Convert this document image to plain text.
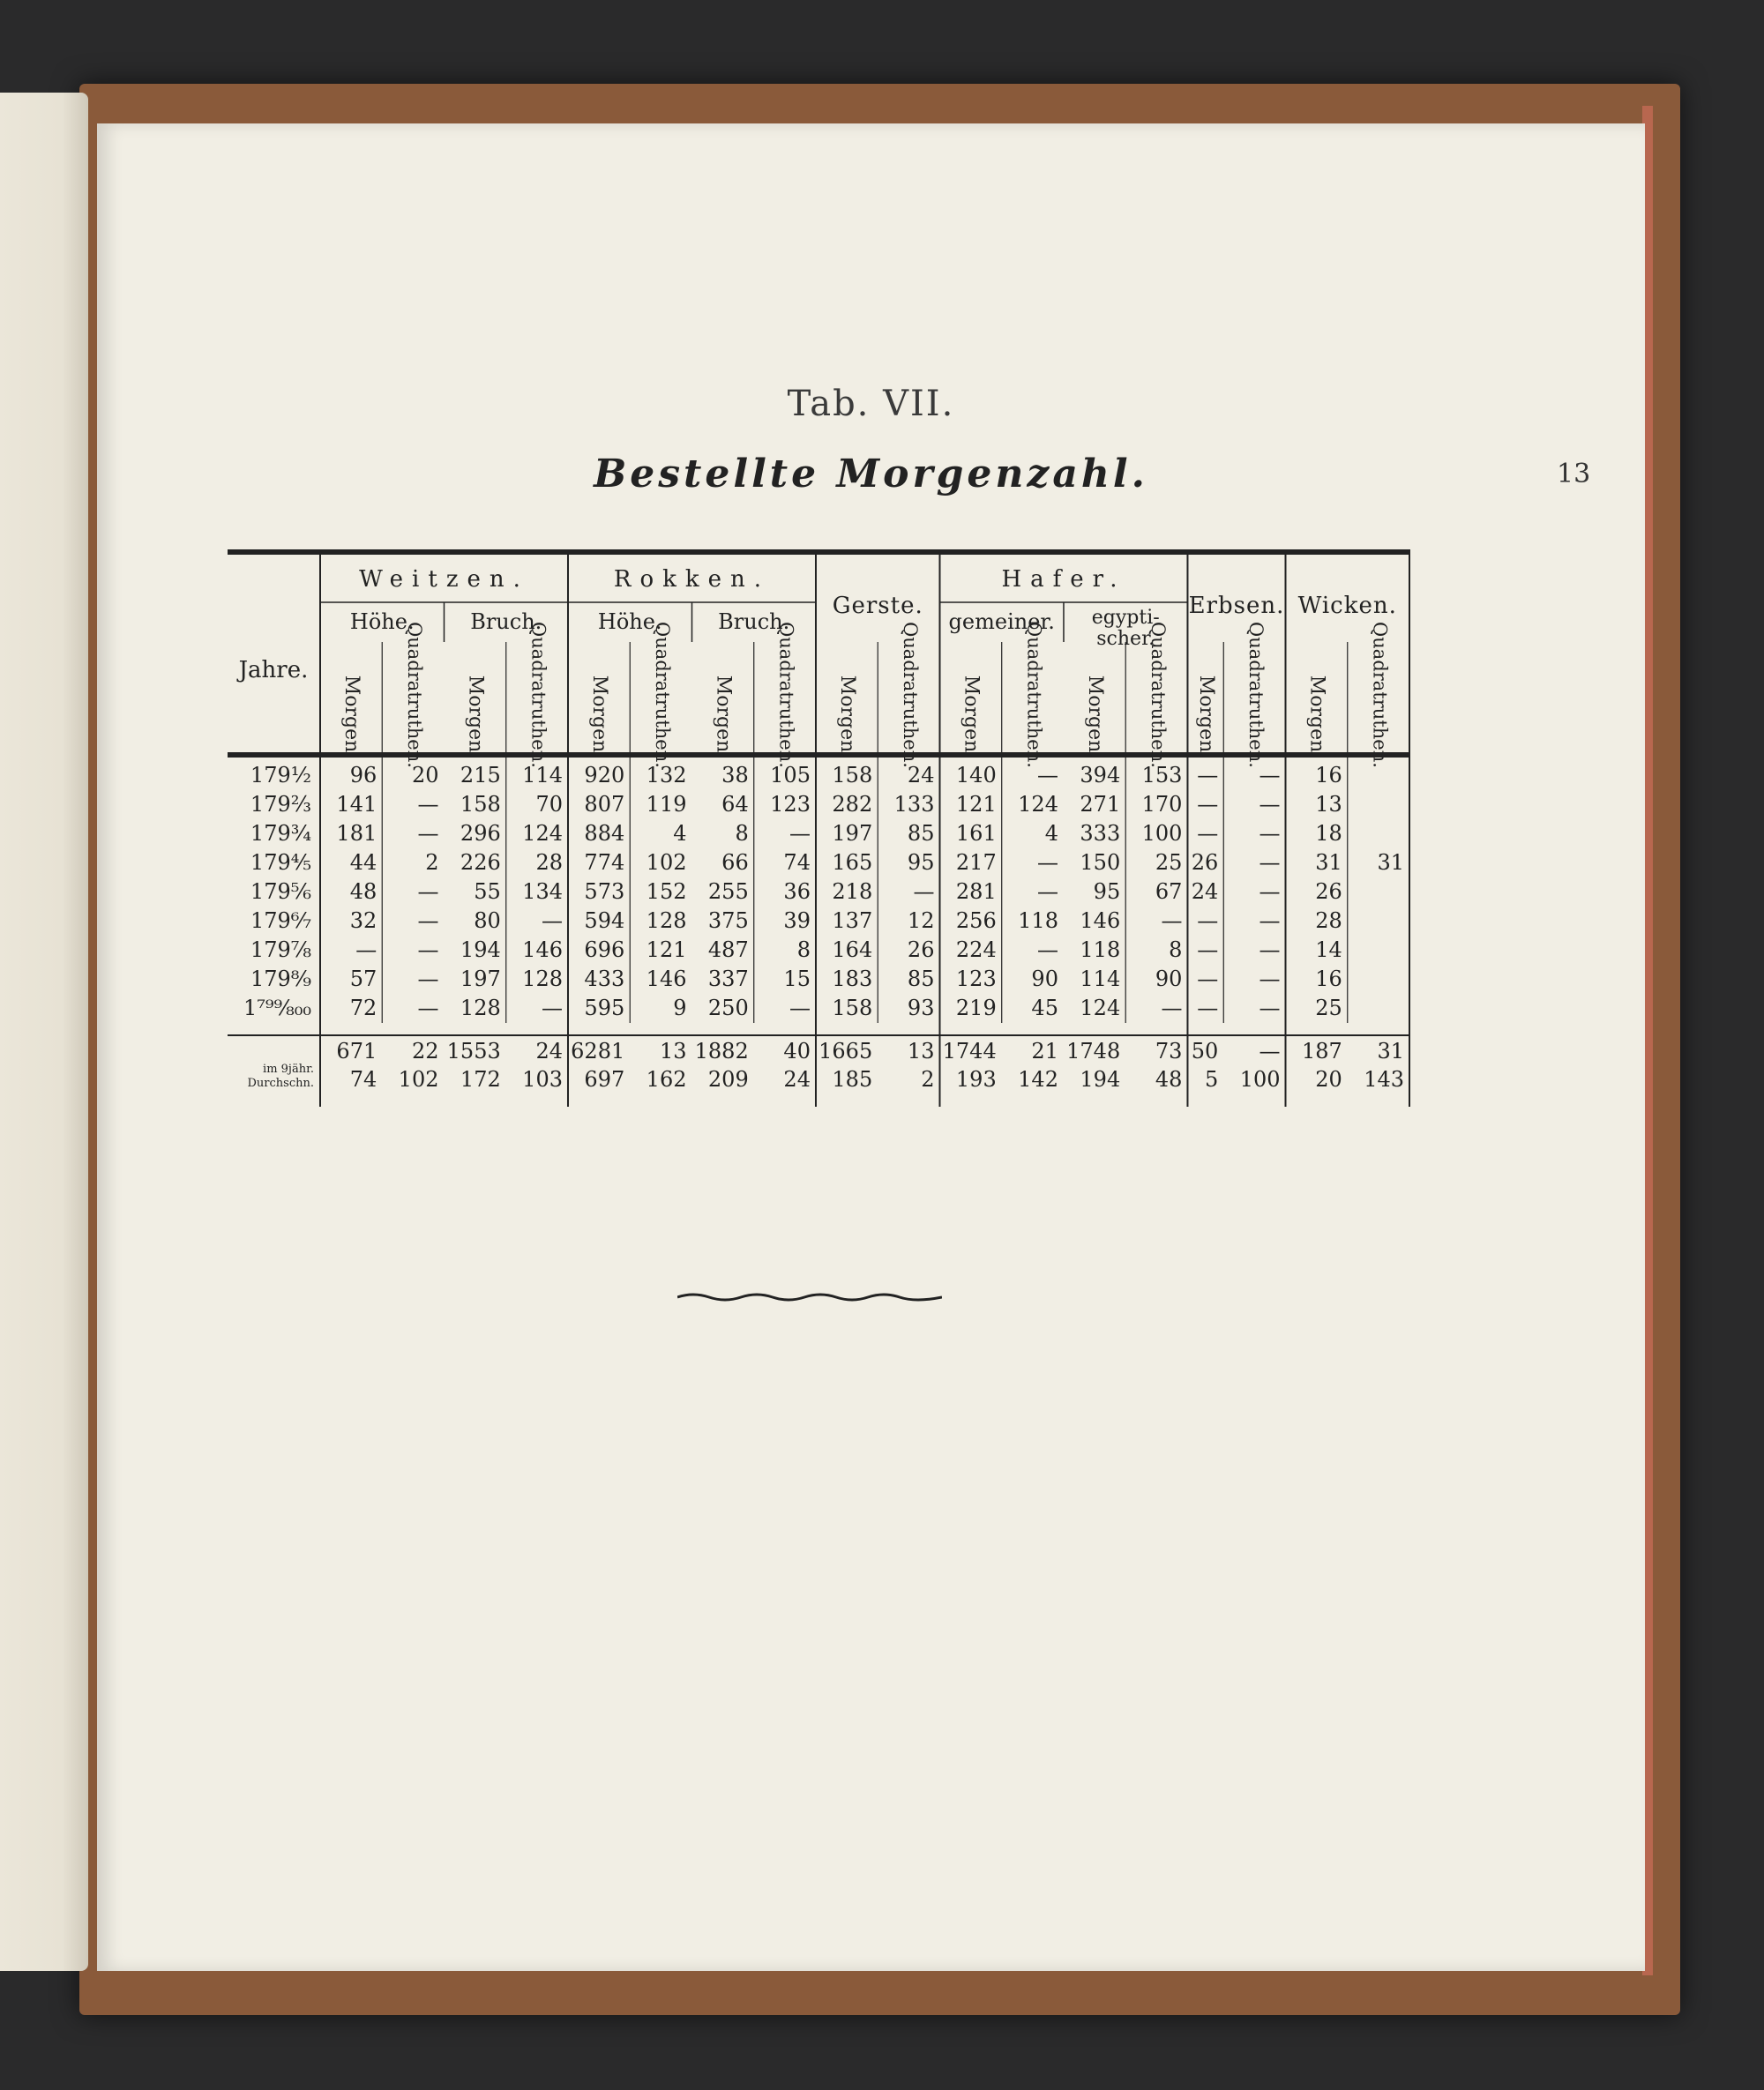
13
Tab. VII.
Bestellte Morgenzahl.
Weitzen.
Höhe.	Bruch.
Rokken.
Höhe.	Bruch.
Gerste.
Hafer.
gemeiner. egypti-
scher.
Erbsen. Wicken.
Jahre.
Morgen. Quadratruthen. Morgen. Quadratruthen. Morgen. Quadratruthen. Morgen. Quadratruthen. Morgen. Quadratruthen. Morgen. Quadratruthen. Morgen. Quadratruthen. Morgen. Quadratruthen. Morgen. Quadratruthen.
179½ 96 20 215 114 920 132 38 105 158 24 140 — 394 153 — — 16
179⅔ 141 — 158 70 807 119 64 123 282 133 121 124 271 170 — — 13
179¾ 181 — 296 124 884 4 8 — 197 85 161 4 333 100 — — 18
179⅘ 44 2 226 28 774 102 66 74 165 95 217 — 150 25 26 — 31 31
179⅚ 48 — 55 134 573 152 255 36 218 — 281 — 95 67 24 — 26
179⁶⁄₇ 32 — 80 — 594 128 375 39 137 12 256 118 146 — — — 28
179⅞ — — 194 146 696 121 487 8 164 26 224 — 118 8 — — 14
179⁸⁄₉ 57 — 197 128 433 146 337 15 183 85 123 90 114 90 — — 16
1⁷⁹⁹⁄₈₀₀ 72 — 128 — 595 9 250 — 158 93 219 45 124 — — — 25
671 22 1553 24 6281 13 1882 40 1665 13 1744 21 1748 73 50 — 187 31
74 102 172 103 697 162 209 24 185 2 193 142 194 48 5 100 20 143
im 9jähr.
Durchschn.
